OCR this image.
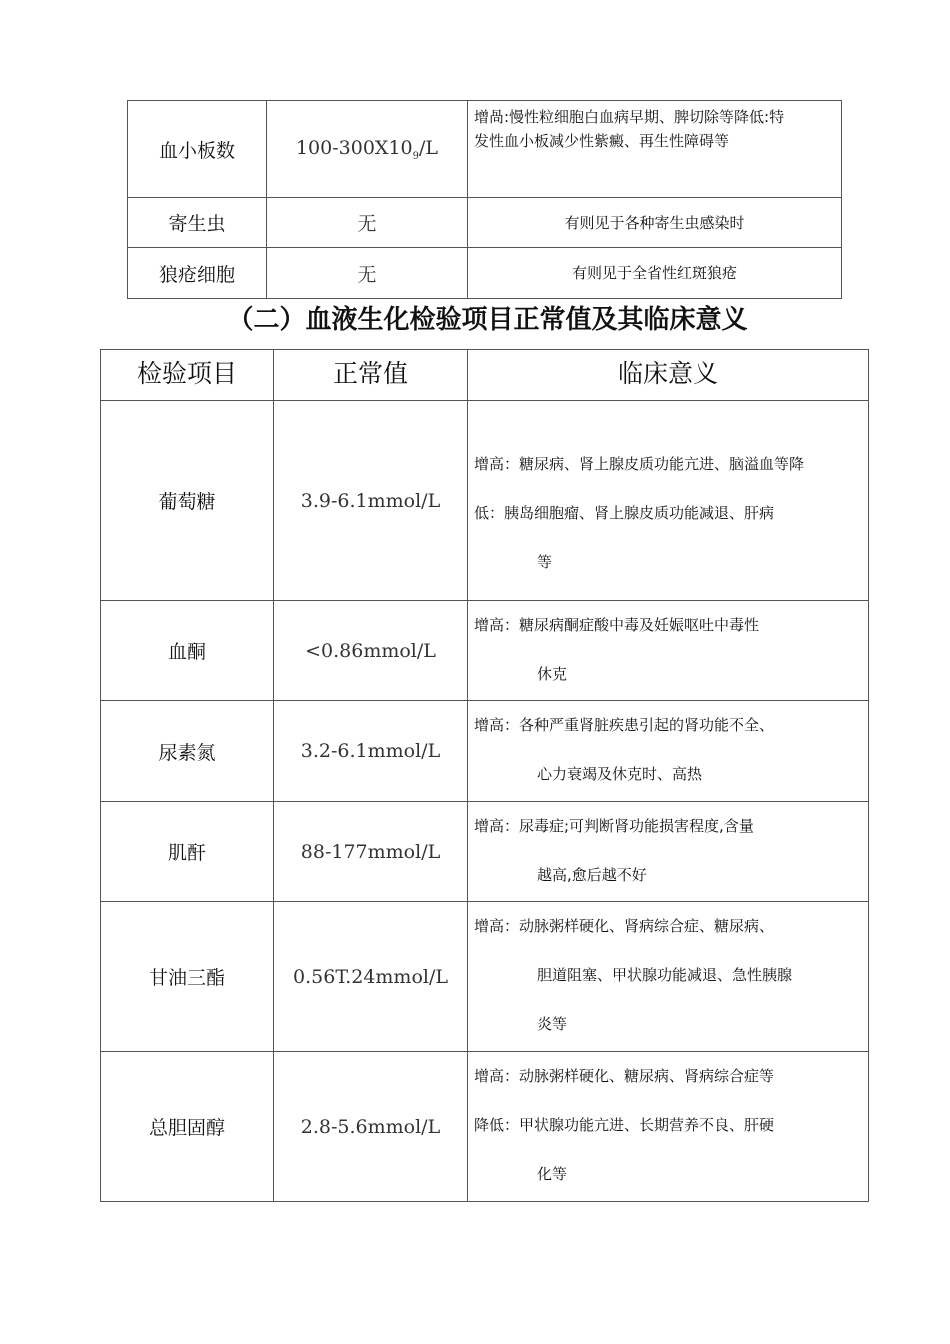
血小板数	$100-300X10_9/L$	增咼:慢性粒细胞白血病早期、脾切除等降低:特
发性血小板减少性紫癜、再生性障碍等

寄生虫	无	有则见于各种寄生虫感染时
狼疮细胞	无	有则见于全省性红斑狼疮
（二）血液生化检验项目正常值及其临床意义
检验项目	正常值	临床意义
葡萄糖	3.9-6.1mmol/L	增高：糖尿病、肾上腺皮质功能亢进、脑溢血等降
低：胰岛细胞瘤、肾上腺皮质功能减退、肝病
等

血酮	<0.86mmol/L	增高：糖尿病酮症酸中毒及妊娠呕吐中毒性
休克

尿素氮	3.2-6.1mmol/L	增高：各种严重肾脏疾患引起的肾功能不全、
心力衰竭及休克时、高热

肌酐	88-177mmol/L	增高：尿毒症;可判断肾功能损害程度,含量
越高,愈后越不好

甘油三酯	0.56T.24mmol/L	增高：动脉粥样硬化、肾病综合症、糖尿病、
胆道阻塞、甲状腺功能减退、急性胰腺
炎等

总胆固醇	2.8-5.6mmol/L	增高：动脉粥样硬化、糖尿病、肾病综合症等
降低：甲状腺功能亢进、长期营养不良、肝硬
化等
